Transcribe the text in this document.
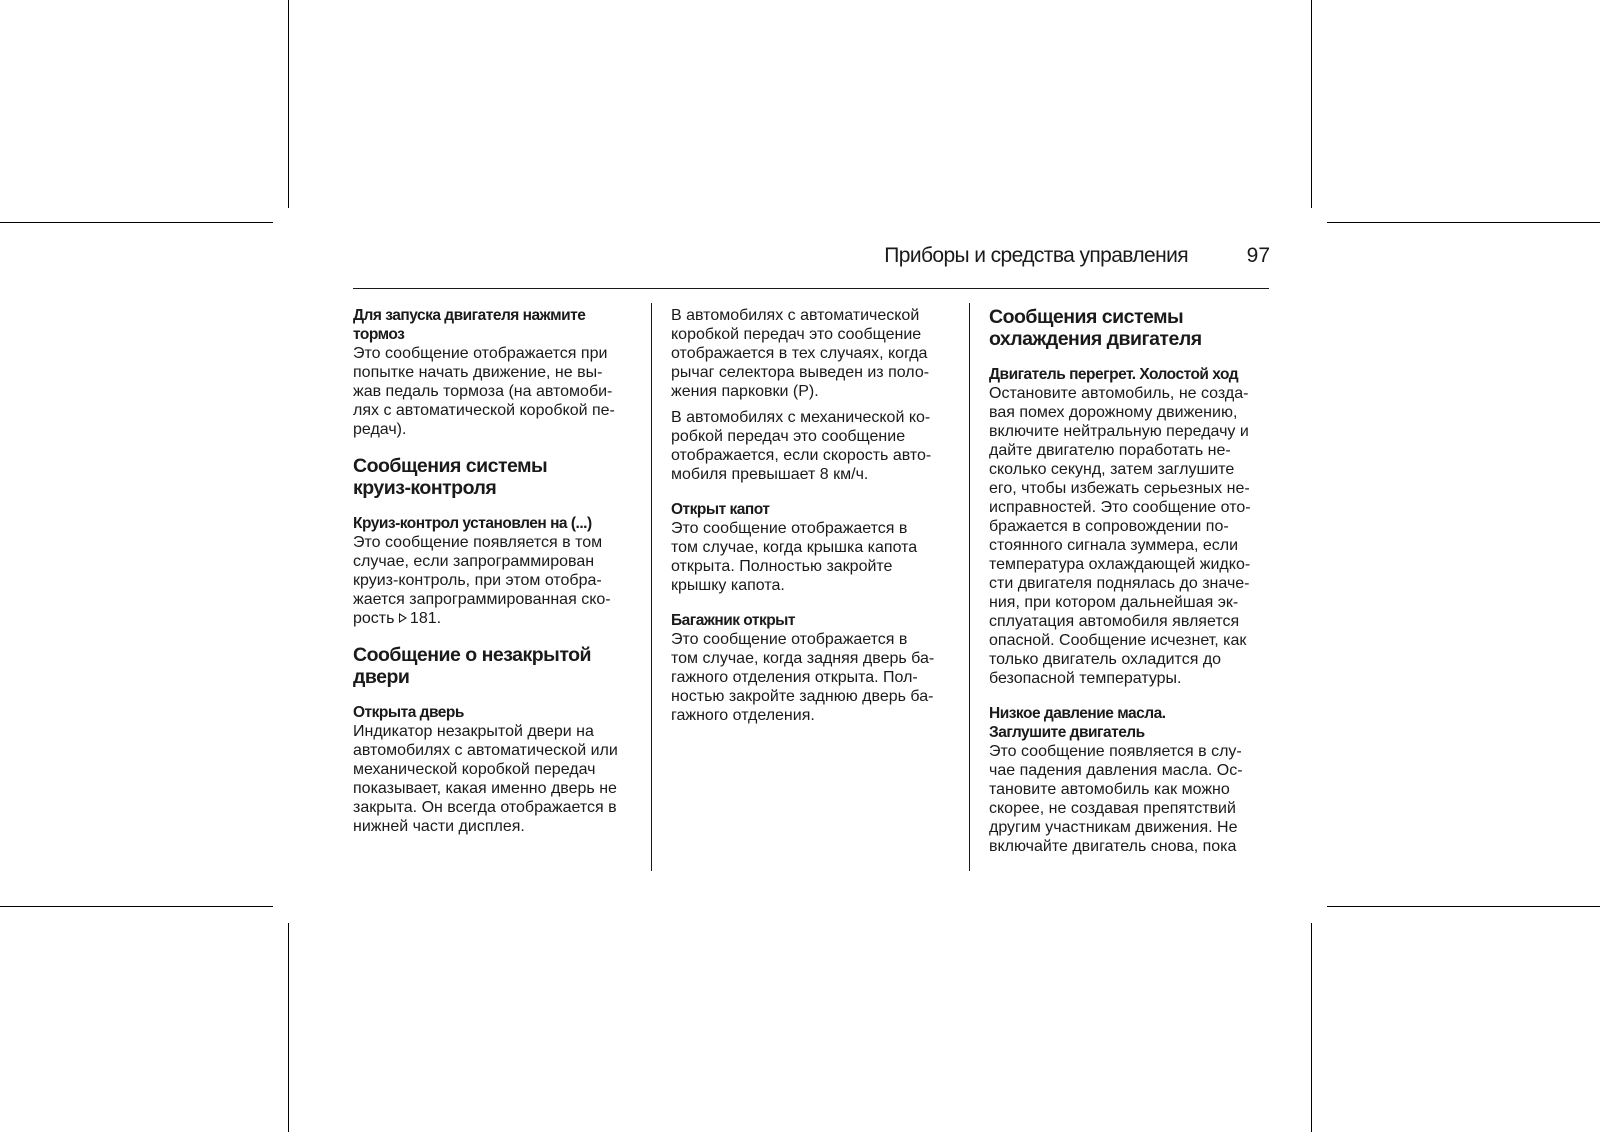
Приборы и средства управления	97
Для запуска двигателя нажмите
тормоз

Это сообщение отображается при
попытке начать движение, не вы-
жав педаль тормоза (на автомоби-
лях с автоматической коробкой пе-
редач).

Сообщения системы
круиз-контроля
Круиз-контрол установлен на (...)

Это сообщение появляется в том
случае, если запрограммирован
круиз-контроль, при этом отобра-
жается запрограммированная ско-
рость 181.

Сообщение о незакрытой
двери
Открыта дверь

Индикатор незакрытой двери на
автомобилях с автоматической или
механической коробкой передач
показывает, какая именно дверь не
закрыта. Он всегда отображается в
нижней части дисплея.

В автомобилях с автоматической
коробкой передач это сообщение
отображается в тех случаях, когда
рычаг селектора выведен из поло-
жения парковки (P).

В автомобилях с механической ко-
робкой передач это сообщение
отображается, если скорость авто-
мобиля превышает 8 км/ч.

Открыт капот

Это сообщение отображается в
том случае, когда крышка капота
открыта. Полностью закройте
крышку капота.

Багажник открыт

Это сообщение отображается в
том случае, когда задняя дверь ба-
гажного отделения открыта. Пол-
ностью закройте заднюю дверь ба-
гажного отделения.

Сообщения системы
охлаждения двигателя
Двигатель перегрет. Холостой ход

Остановите автомобиль, не созда-
вая помех дорожному движению,
включите нейтральную передачу и
дайте двигателю поработать не-
сколько секунд, затем заглушите
его, чтобы избежать серьезных не-
исправностей. Это сообщение ото-
бражается в сопровождении по-
стоянного сигнала зуммера, если
температура охлаждающей жидко-
сти двигателя поднялась до значе-
ния, при котором дальнейшая эк-
сплуатация автомобиля является
опасной. Сообщение исчезнет, как
только двигатель охладится до
безопасной температуры.

Низкое давление масла.
Заглушите двигатель

Это сообщение появляется в слу-
чае падения давления масла. Ос-
тановите автомобиль как можно
скорее, не создавая препятствий
другим участникам движения. Не
включайте двигатель снова, пока
